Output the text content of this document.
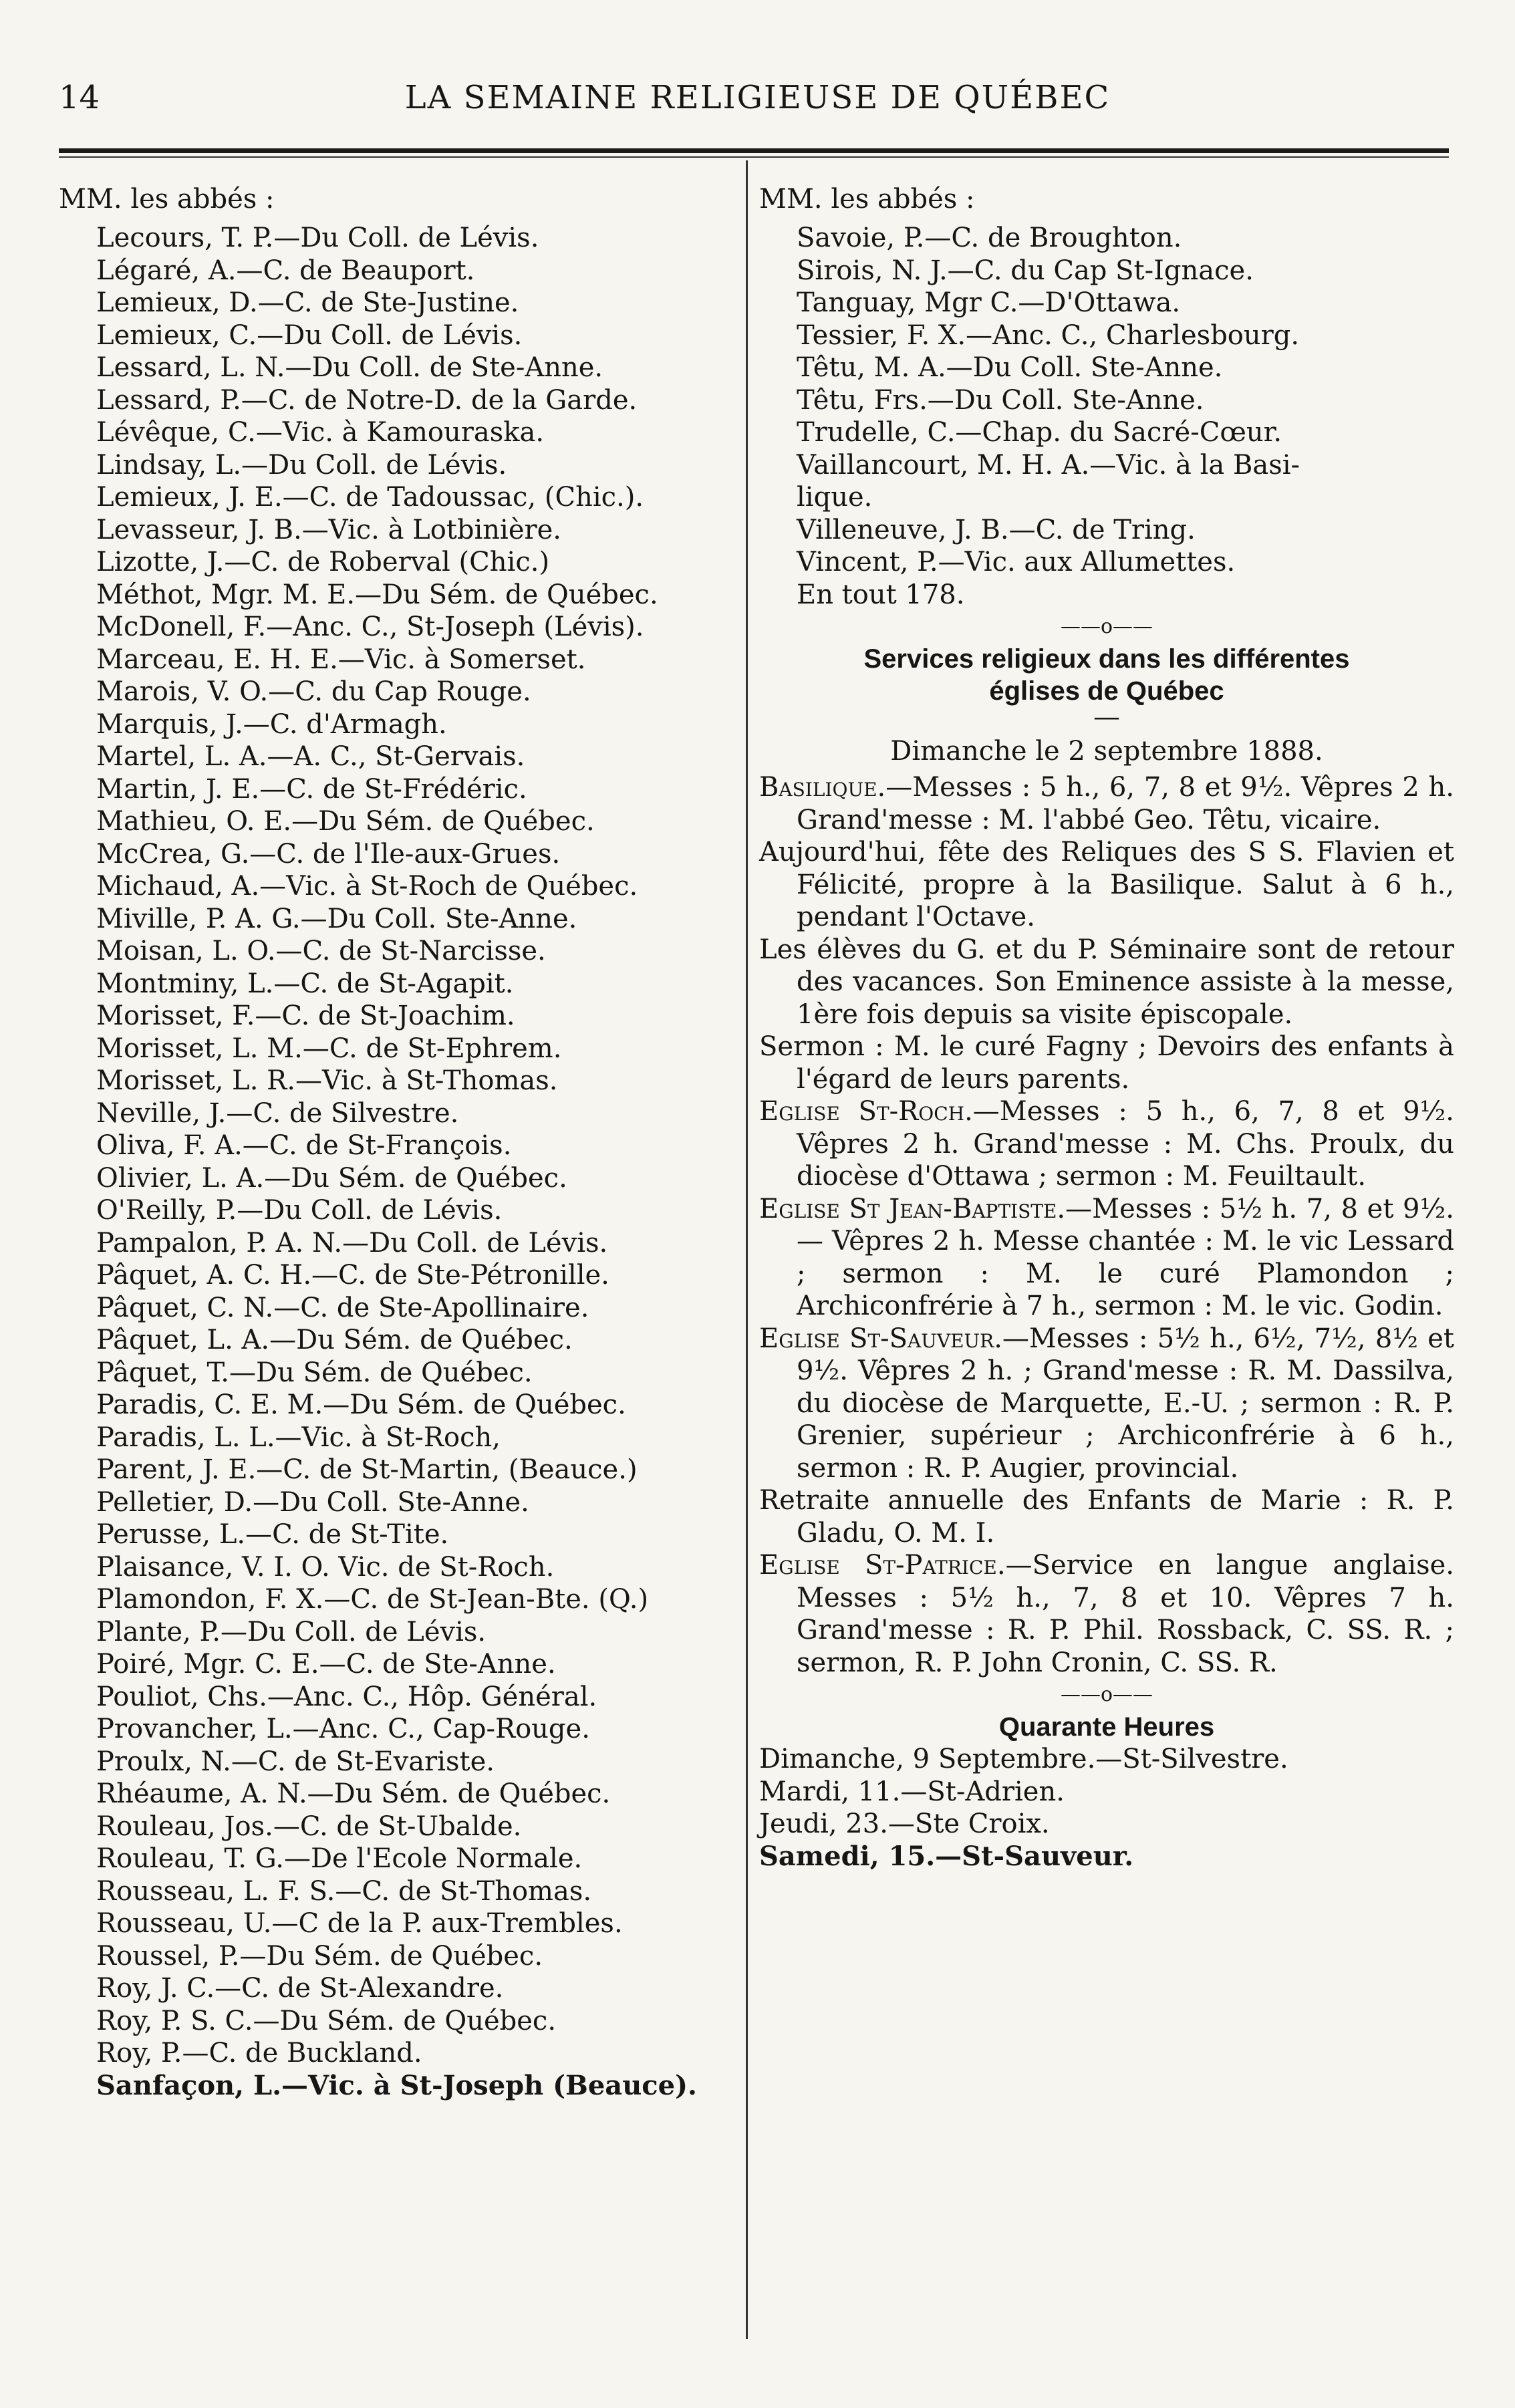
14	LA SEMAINE RELIGIEUSE DE QUÉBEC
MM. les abbés :
Lecours, T. P.—Du Coll. de Lévis.
Légaré, A.—C. de Beauport.
Lemieux, D.—C. de Ste-Justine.
Lemieux, C.—Du Coll. de Lévis.
Lessard, L. N.—Du Coll. de Ste-Anne.
Lessard, P.—C. de Notre-D. de la Garde.
Lévêque, C.—Vic. à Kamouraska.
Lindsay, L.—Du Coll. de Lévis.
Lemieux, J. E.—C. de Tadoussac, (Chic.).
Levasseur, J. B.—Vic. à Lotbinière.
Lizotte, J.—C. de Roberval (Chic.)
Méthot, Mgr. M. E.—Du Sém. de Québec.
McDonell, F.—Anc. C., St-Joseph (Lévis).
Marceau, E. H. E.—Vic. à Somerset.
Marois, V. O.—C. du Cap Rouge.
Marquis, J.—C. d'Armagh.
Martel, L. A.—A. C., St-Gervais.
Martin, J. E.—C. de St-Frédéric.
Mathieu, O. E.—Du Sém. de Québec.
McCrea, G.—C. de l'Ile-aux-Grues.
Michaud, A.—Vic. à St-Roch de Québec.
Miville, P. A. G.—Du Coll. Ste-Anne.
Moisan, L. O.—C. de St-Narcisse.
Montminy, L.—C. de St-Agapit.
Morisset, F.—C. de St-Joachim.
Morisset, L. M.—C. de St-Ephrem.
Morisset, L. R.—Vic. à St-Thomas.
Neville, J.—C. de Silvestre.
Oliva, F. A.—C. de St-François.
Olivier, L. A.—Du Sém. de Québec.
O'Reilly, P.—Du Coll. de Lévis.
Pampalon, P. A. N.—Du Coll. de Lévis.
Pâquet, A. C. H.—C. de Ste-Pétronille.
Pâquet, C. N.—C. de Ste-Apollinaire.
Pâquet, L. A.—Du Sém. de Québec.
Pâquet, T.—Du Sém. de Québec.
Paradis, C. E. M.—Du Sém. de Québec.
Paradis, L. L.—Vic. à St-Roch,
Parent, J. E.—C. de St-Martin, (Beauce.)
Pelletier, D.—Du Coll. Ste-Anne.
Perusse, L.—C. de St-Tite.
Plaisance, V. I. O. Vic. de St-Roch.
Plamondon, F. X.—C. de St-Jean-Bte. (Q.)
Plante, P.—Du Coll. de Lévis.
Poiré, Mgr. C. E.—C. de Ste-Anne.
Pouliot, Chs.—Anc. C., Hôp. Général.
Provancher, L.—Anc. C., Cap-Rouge.
Proulx, N.—C. de St-Evariste.
Rhéaume, A. N.—Du Sém. de Québec.
Rouleau, Jos.—C. de St-Ubalde.
Rouleau, T. G.—De l'Ecole Normale.
Rousseau, L. F. S.—C. de St-Thomas.
Rousseau, U.—C de la P. aux-Trembles.
Roussel, P.—Du Sém. de Québec.
Roy, J. C.—C. de St-Alexandre.
Roy, P. S. C.—Du Sém. de Québec.
Roy, P.—C. de Buckland.
Sanfaçon, L.—Vic. à St-Joseph (Beauce).
MM. les abbés :
Savoie, P.—C. de Broughton.
Sirois, N. J.—C. du Cap St-Ignace.
Tanguay, Mgr C.—D'Ottawa.
Tessier, F. X.—Anc. C., Charlesbourg.
Têtu, M. A.—Du Coll. Ste-Anne.
Têtu, Frs.—Du Coll. Ste-Anne.
Trudelle, C.—Chap. du Sacré-Cœur.
Vaillancourt, M. H. A.—Vic. à la Basi-
lique.
Villeneuve, J. B.—C. de Tring.
Vincent, P.—Vic. aux Allumettes.
En tout 178.
——o——
Services religieux dans les différentes
églises de Québec
—
Dimanche le 2 septembre 1888.
Basilique.—Messes : 5 h., 6, 7, 8 et 9½. Vêpres 2 h. Grand'messe : M. l'abbé Geo. Têtu, vicaire.
Aujourd'hui, fête des Reliques des S S. Flavien et Félicité, propre à la Basilique. Salut à 6 h., pendant l'Octave.
Les élèves du G. et du P. Séminaire sont de retour des vacances. Son Eminence assiste à la messe, 1ère fois depuis sa visite épiscopale.
Sermon : M. le curé Fagny ; Devoirs des enfants à l'égard de leurs parents.
Eglise St-Roch.—Messes : 5 h., 6, 7, 8 et 9½. Vêpres 2 h. Grand'messe : M. Chs. Proulx, du diocèse d'Ottawa ; sermon : M. Feuiltault.
Eglise St Jean-Baptiste.—Messes : 5½ h. 7, 8 et 9½. — Vêpres 2 h. Messe chantée : M. le vic Lessard ; sermon : M. le curé Plamondon ; Archiconfrérie à 7 h., sermon : M. le vic. Godin.
Eglise St-Sauveur.—Messes : 5½ h., 6½, 7½, 8½ et 9½. Vêpres 2 h. ; Grand'messe : R. M. Dassilva, du diocèse de Marquette, E.-U. ; sermon : R. P. Grenier, supérieur ; Archiconfrérie à 6 h., sermon : R. P. Augier, provincial.
Retraite annuelle des Enfants de Marie : R. P. Gladu, O. M. I.
Eglise St-Patrice.—Service en langue anglaise. Messes : 5½ h., 7, 8 et 10. Vêpres 7 h. Grand'messe : R. P. Phil. Rossback, C. SS. R. ; sermon, R. P. John Cronin, C. SS. R.
——o——
Quarante Heures
Dimanche, 9 Septembre.—St-Silvestre.
Mardi, 11.—St-Adrien.
Jeudi, 23.—Ste Croix.
Samedi, 15.—St-Sauveur.
